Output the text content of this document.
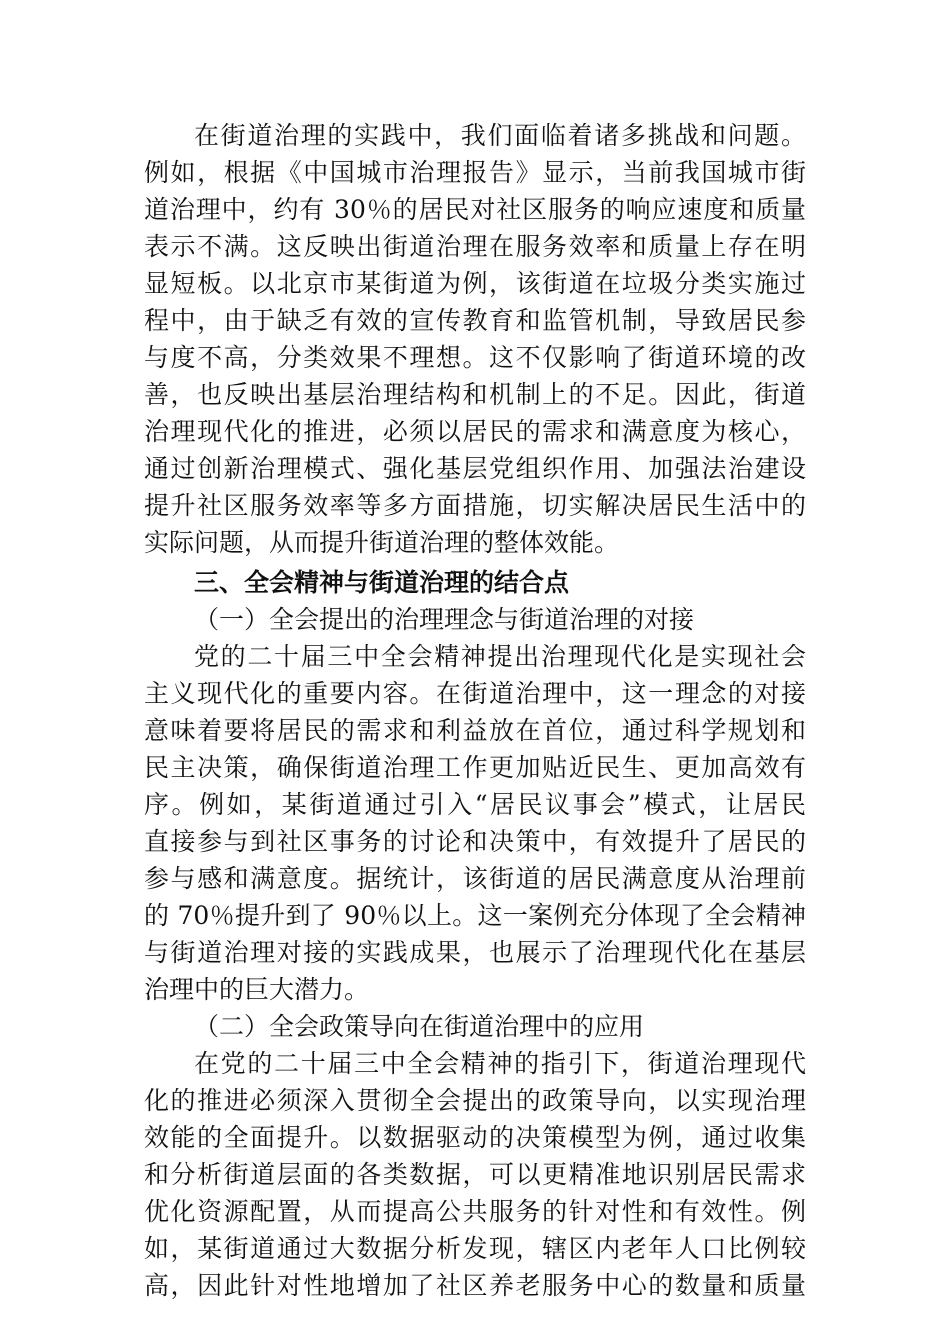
在街道治理的实践中，我们面临着诸多挑战和问题。
例如，根据《中国城市治理报告》显示，当前我国城市街
道治理中，约有 30％的居民对社区服务的响应速度和质量
表示不满。这反映出街道治理在服务效率和质量上存在明
显短板。以北京市某街道为例，该街道在垃圾分类实施过
程中，由于缺乏有效的宣传教育和监管机制，导致居民参
与度不高，分类效果不理想。这不仅影响了街道环境的改
善，也反映出基层治理结构和机制上的不足。因此，街道
治理现代化的推进，必须以居民的需求和满意度为核心，
通过创新治理模式、强化基层党组织作用、加强法治建设
提升社区服务效率等多方面措施，切实解决居民生活中的
实际问题，从而提升街道治理的整体效能。
三、全会精神与街道治理的结合点
（一）全会提出的治理理念与街道治理的对接
党的二十届三中全会精神提出治理现代化是实现社会
主义现代化的重要内容。在街道治理中，这一理念的对接
意味着要将居民的需求和利益放在首位，通过科学规划和
民主决策，确保街道治理工作更加贴近民生、更加高效有
序。例如，某街道通过引入“居民议事会”模式，让居民
直接参与到社区事务的讨论和决策中，有效提升了居民的
参与感和满意度。据统计，该街道的居民满意度从治理前
的 70％提升到了 90％以上。这一案例充分体现了全会精神
与街道治理对接的实践成果，也展示了治理现代化在基层
治理中的巨大潜力。
（二）全会政策导向在街道治理中的应用
在党的二十届三中全会精神的指引下，街道治理现代
化的推进必须深入贯彻全会提出的政策导向，以实现治理
效能的全面提升。以数据驱动的决策模型为例，通过收集
和分析街道层面的各类数据，可以更精准地识别居民需求
优化资源配置，从而提高公共服务的针对性和有效性。例
如，某街道通过大数据分析发现，辖区内老年人口比例较
高，因此针对性地增加了社区养老服务中心的数量和质量
